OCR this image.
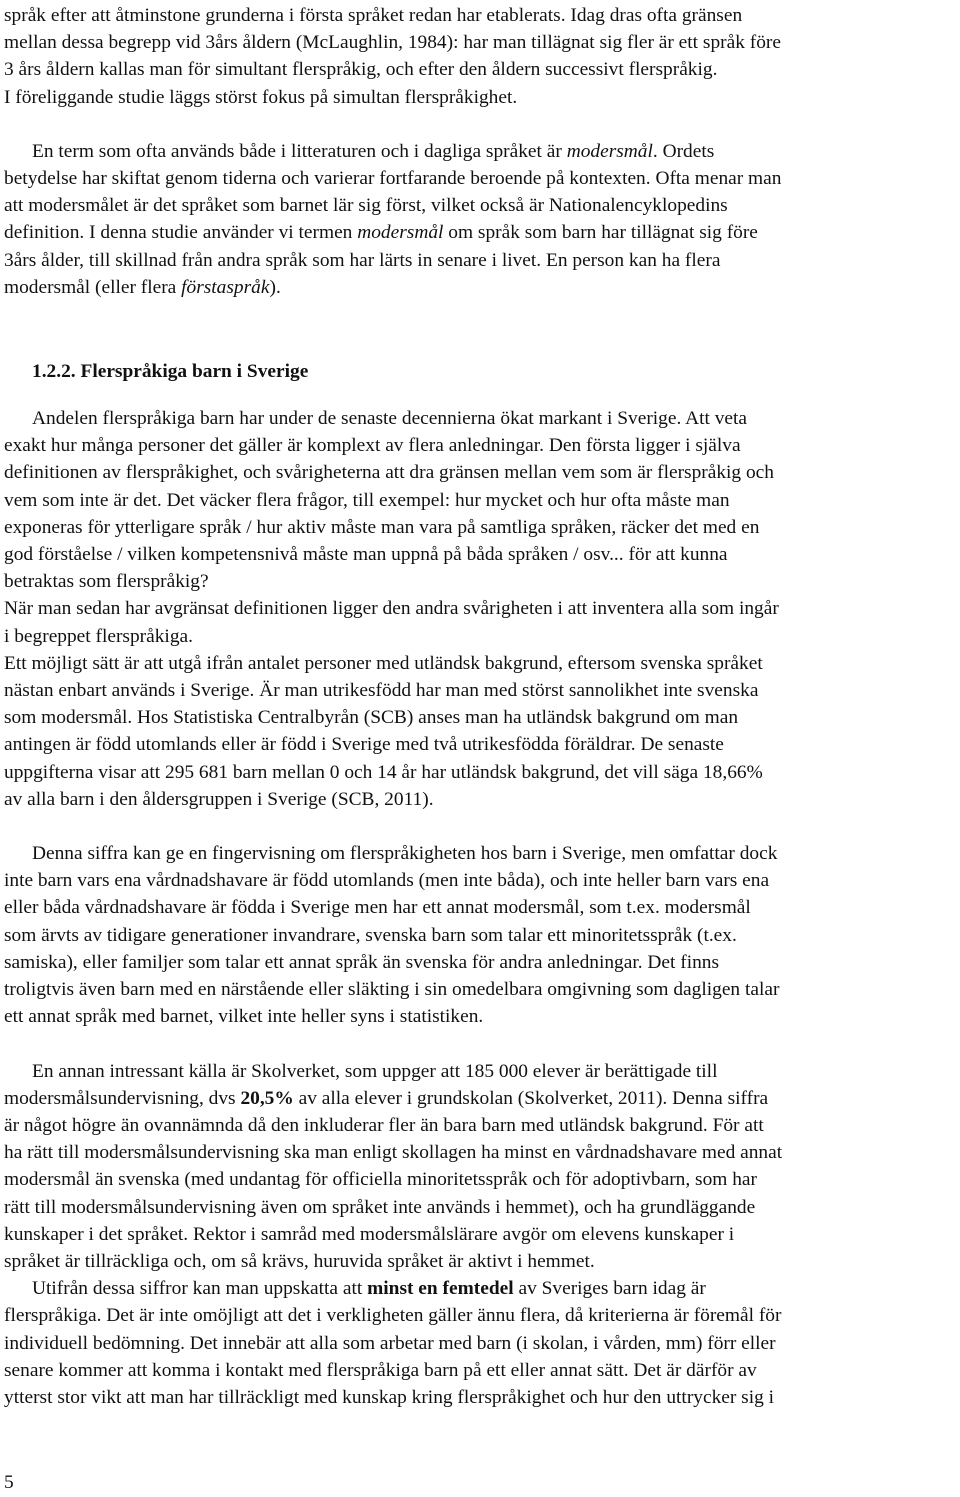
språk efter att åtminstone grunderna i första språket redan har etablerats. Idag dras ofta gränsen
mellan dessa begrepp vid 3års åldern (McLaughlin, 1984): har man tillägnat sig fler är ett språk före
3 års åldern kallas man för simultant flerspråkig, och efter den åldern successivt flerspråkig.
I föreliggande studie läggs störst fokus på simultan flerspråkighet.

En term som ofta används både i litteraturen och i dagliga språket är modersmål. Ordets
betydelse har skiftat genom tiderna och varierar fortfarande beroende på kontexten. Ofta menar man
att modersmålet är det språket som barnet lär sig först, vilket också är Nationalencyklopedins
definition. I denna studie använder vi termen modersmål om språk som barn har tillägnat sig före
3års ålder, till skillnad från andra språk som har lärts in senare i livet. En person kan ha flera
modersmål (eller flera förstaspråk).

1.2.2. Flerspråkiga barn i Sverige

Andelen flerspråkiga barn har under de senaste decennierna ökat markant i Sverige. Att veta
exakt hur många personer det gäller är komplext av flera anledningar. Den första ligger i själva
definitionen av flerspråkighet, och svårigheterna att dra gränsen mellan vem som är flerspråkig och
vem som inte är det. Det väcker flera frågor, till exempel: hur mycket och hur ofta måste man
exponeras för ytterligare språk / hur aktiv måste man vara på samtliga språken, räcker det med en
god förståelse / vilken kompetensnivå måste man uppnå på båda språken / osv... för att kunna
betraktas som flerspråkig?
När man sedan har avgränsat definitionen ligger den andra svårigheten i att inventera alla som ingår
i begreppet flerspråkiga.
Ett möjligt sätt är att utgå ifrån antalet personer med utländsk bakgrund, eftersom svenska språket
nästan enbart används i Sverige. Är man utrikesfödd har man med störst sannolikhet inte svenska
som modersmål. Hos Statistiska Centralbyrån (SCB) anses man ha utländsk bakgrund om man
antingen är född utomlands eller är född i Sverige med två utrikesfödda föräldrar. De senaste
uppgifterna visar att 295 681 barn mellan 0 och 14 år har utländsk bakgrund, det vill säga 18,66%
av alla barn i den åldersgruppen i Sverige (SCB, 2011).

Denna siffra kan ge en fingervisning om flerspråkigheten hos barn i Sverige, men omfattar dock
inte barn vars ena vårdnadshavare är född utomlands (men inte båda), och inte heller barn vars ena
eller båda vårdnadshavare är födda i Sverige men har ett annat modersmål, som t.ex. modersmål
som ärvts av tidigare generationer invandrare, svenska barn som talar ett minoritetsspråk (t.ex.
samiska), eller familjer som talar ett annat språk än svenska för andra anledningar. Det finns
troligtvis även barn med en närstående eller släkting i sin omedelbara omgivning som dagligen talar
ett annat språk med barnet, vilket inte heller syns i statistiken.

En annan intressant källa är Skolverket, som uppger att 185 000 elever är berättigade till
modersmålsundervisning, dvs 20,5% av alla elever i grundskolan (Skolverket, 2011). Denna siffra
är något högre än ovannämnda då den inkluderar fler än bara barn med utländsk bakgrund. För att
ha rätt till modersmålsundervisning ska man enligt skollagen ha minst en vårdnadshavare med annat
modersmål än svenska (med undantag för officiella minoritetsspråk och för adoptivbarn, som har
rätt till modersmålsundervisning även om språket inte används i hemmet), och ha grundläggande
kunskaper i det språket. Rektor i samråd med modersmålslärare avgör om elevens kunskaper i
språket är tillräckliga och, om så krävs, huruvida språket är aktivt i hemmet.

Utifrån dessa siffror kan man uppskatta att minst en femtedel av Sveriges barn idag är
flerspråkiga. Det är inte omöjligt att det i verkligheten gäller ännu flera, då kriterierna är föremål för
individuell bedömning. Det innebär att alla som arbetar med barn (i skolan, i vården, mm) förr eller
senare kommer att komma i kontakt med flerspråkiga barn på ett eller annat sätt. Det är därför av
ytterst stor vikt att man har tillräckligt med kunskap kring flerspråkighet och hur den uttrycker sig i

5
